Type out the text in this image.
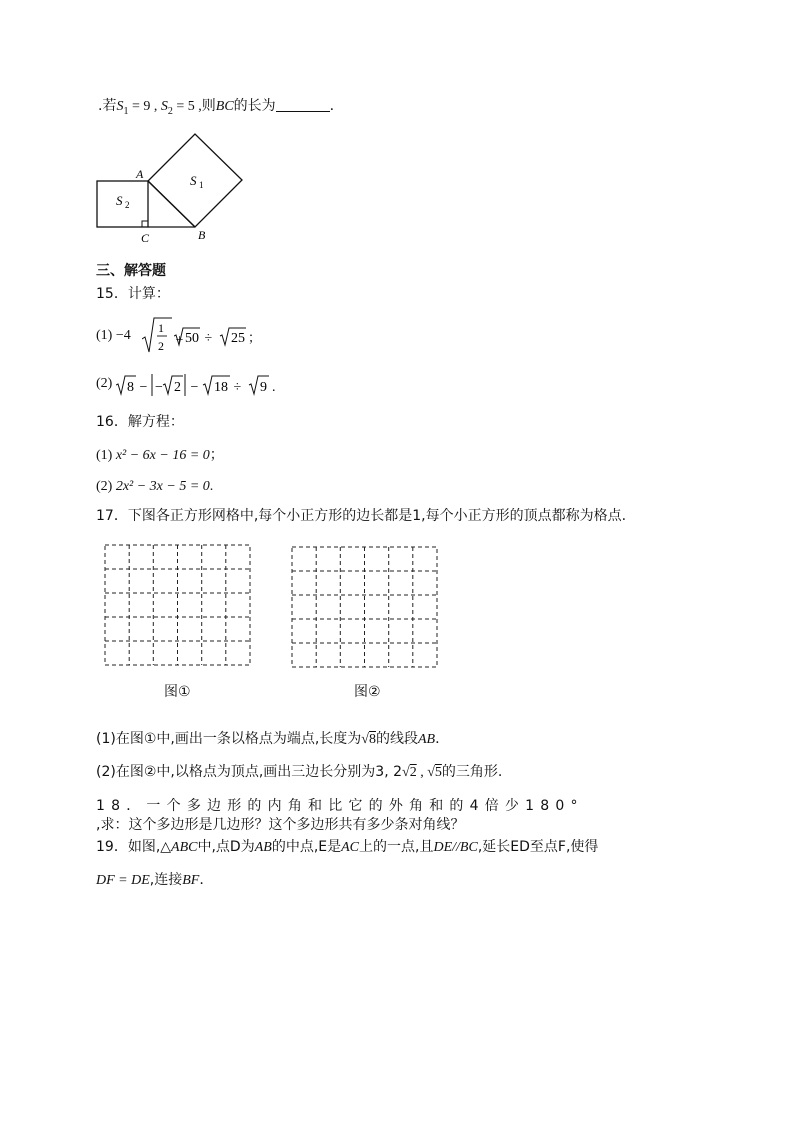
.若$S_1 = 9$ , $S_2 = 5$ ,则BC的长为	.
A
B
C
S 1
S 2
三、解答题
15．计算：
(1) −4 1
2 +
50 ÷ 25 ；
(2) 8 − − 2 − 18 ÷ 9 .
16．解方程：
(1) x² − 6x − 16 = 0；
(2) 2x² − 3x − 5 = 0.
17．下图各正方形网格中,每个小正方形的边长都是1,每个小正方形的顶点都称为格点.
图①	图②
(1)在图①中,画出一条以格点为端点,长度为√8的线段AB.
(2)在图②中,以格点为顶点,画出三边长分别为3, 2√2 , √5的三角形.
18．一个多边形的内角和比它的外角和的4倍少180°
,求：这个多边形是几边形？这个多边形共有多少条对角线？
19．如图,△ABC中,点D为AB的中点,E是AC上的一点,且DE//BC,延长ED至点F,使得
DF = DE,连接BF.
